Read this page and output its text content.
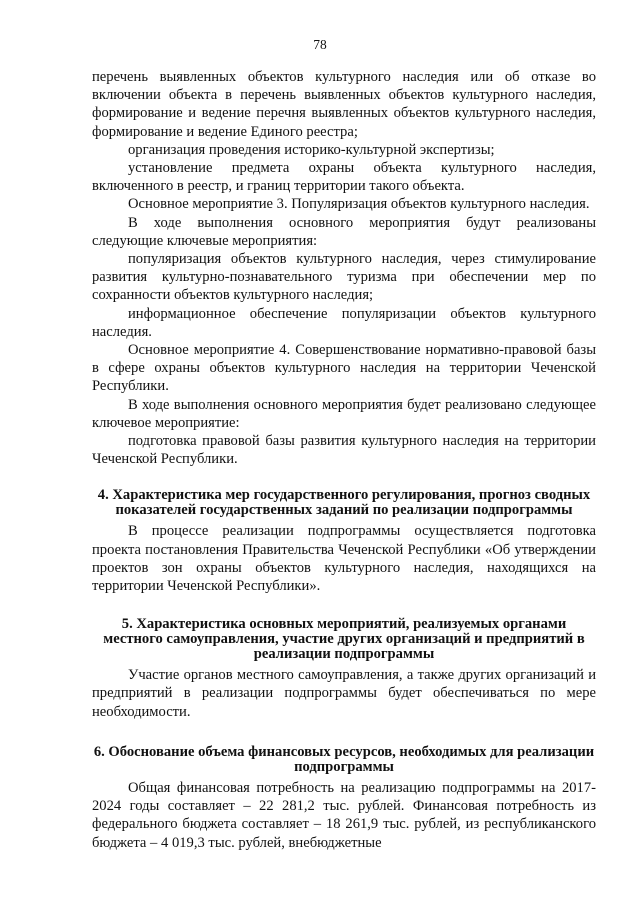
78

перечень выявленных объектов культурного наследия или об отказе во включении объекта в перечень выявленных объектов культурного наследия, формирование и ведение перечня выявленных объектов культурного наследия, формирование и ведение Единого реестра;

организация проведения историко-культурной экспертизы;

установление предмета охраны объекта культурного наследия, включенного в реестр, и границ территории такого объекта.

Основное мероприятие 3. Популяризация объектов культурного наследия.

В ходе выполнения основного мероприятия будут реализованы следующие ключевые мероприятия:

популяризация объектов культурного наследия, через стимулирование развития культурно-познавательного туризма при обеспечении мер по сохранности объектов культурного наследия;

информационное обеспечение популяризации объектов культурного наследия.

Основное мероприятие 4. Совершенствование нормативно-правовой базы в сфере охраны объектов культурного наследия на территории Чеченской Республики.

В ходе выполнения основного мероприятия будет реализовано следующее ключевое мероприятие:

подготовка правовой базы развития культурного наследия на территории Чеченской Республики.

4. Характеристика мер государственного регулирования, прогноз сводных показателей государственных заданий по реализации подпрограммы

В процессе реализации подпрограммы осуществляется подготовка проекта постановления Правительства Чеченской Республики «Об утверждении проектов зон охраны объектов культурного наследия, находящихся на территории Чеченской Республики».

5. Характеристика основных мероприятий, реализуемых органами местного самоуправления, участие других организаций и предприятий в реализации подпрограммы

Участие органов местного самоуправления, а также других организаций и предприятий в реализации подпрограммы будет обеспечиваться по мере необходимости.

6. Обоснование объема финансовых ресурсов, необходимых для реализации подпрограммы

Общая финансовая потребность на реализацию подпрограммы на 2017-2024 годы составляет – 22 281,2 тыс. рублей. Финансовая потребность из федерального бюджета составляет – 18 261,9 тыс. рублей, из республиканского бюджета – 4 019,3 тыс. рублей, внебюджетные
